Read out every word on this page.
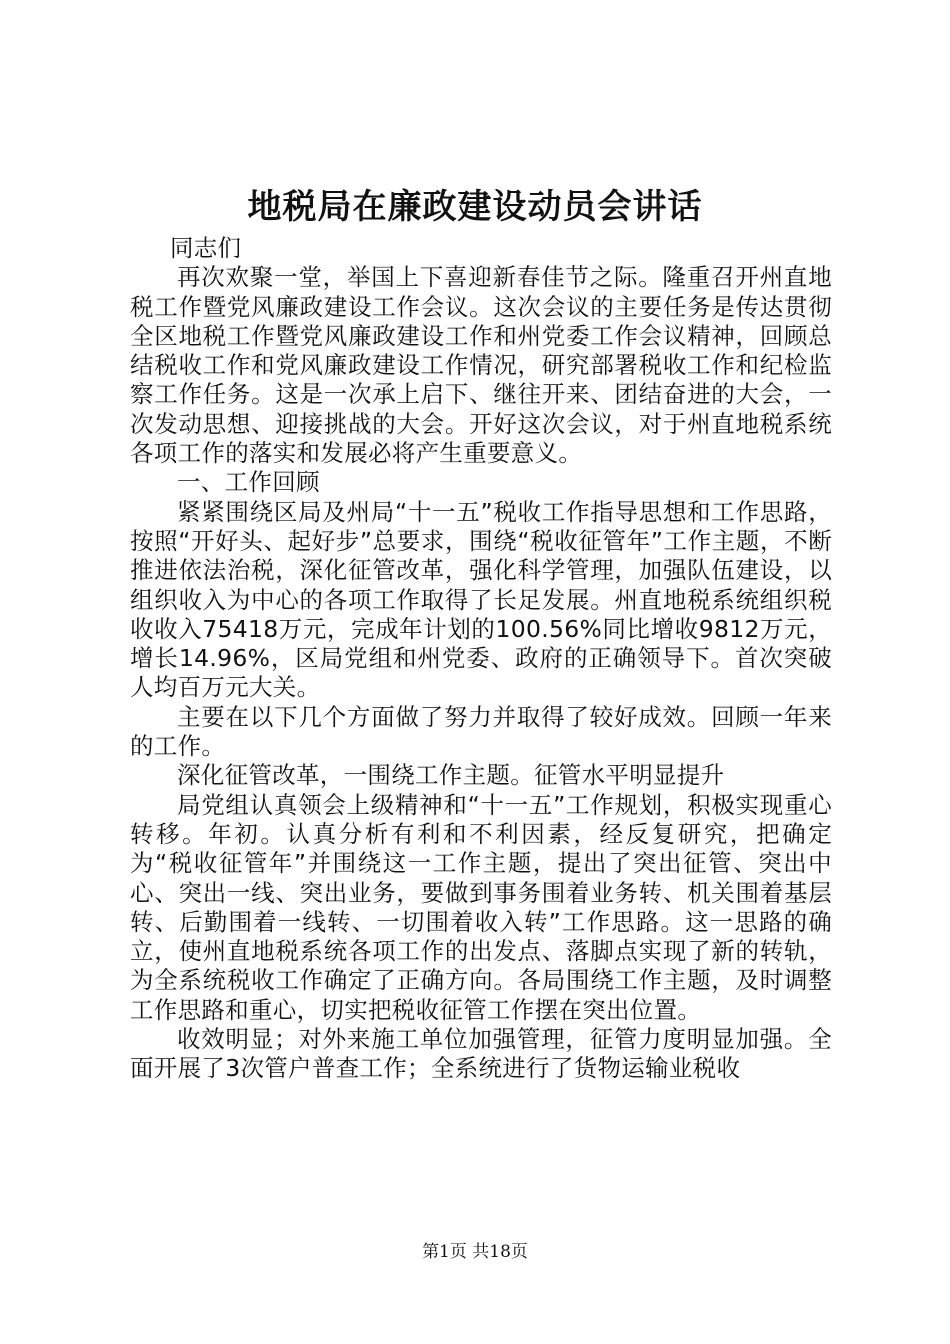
地税局在廉政建设动员会讲话

同志们

再次欢聚一堂，举国上下喜迎新春佳节之际。隆重召开州直地税工作暨党风廉政建设工作会议。这次会议的主要任务是传达贯彻全区地税工作暨党风廉政建设工作和州党委工作会议精神，回顾总结税收工作和党风廉政建设工作情况，研究部署税收工作和纪检监察工作任务。这是一次承上启下、继往开来、团结奋进的大会，一次发动思想、迎接挑战的大会。开好这次会议，对于州直地税系统各项工作的落实和发展必将产生重要意义。

一、工作回顾

紧紧围绕区局及州局“十一五”税收工作指导思想和工作思路，按照“开好头、起好步”总要求，围绕“税收征管年”工作主题，不断推进依法治税，深化征管改革，强化科学管理，加强队伍建设，以组织收入为中心的各项工作取得了长足发展。州直地税系统组织税收收入75418万元，完成年计划的100.56%同比增收9812万元，增长14.96%，区局党组和州党委、政府的正确领导下。首次突破人均百万元大关。

主要在以下几个方面做了努力并取得了较好成效。回顾一年来的工作。

深化征管改革，一围绕工作主题。征管水平明显提升

局党组认真领会上级精神和“十一五”工作规划，积极实现重心转移。年初。认真分析有利和不利因素，经反复研究，把确定为“税收征管年”并围绕这一工作主题，提出了突出征管、突出中心、突出一线、突出业务，要做到事务围着业务转、机关围着基层转、后勤围着一线转、一切围着收入转”工作思路。这一思路的确立，使州直地税系统各项工作的出发点、落脚点实现了新的转轨，为全系统税收工作确定了正确方向。各局围绕工作主题，及时调整工作思路和重心，切实把税收征管工作摆在突出位置。

收效明显；对外来施工单位加强管理，征管力度明显加强。全面开展了3次管户普查工作；全系统进行了货物运输业税收

第1页 共18页
